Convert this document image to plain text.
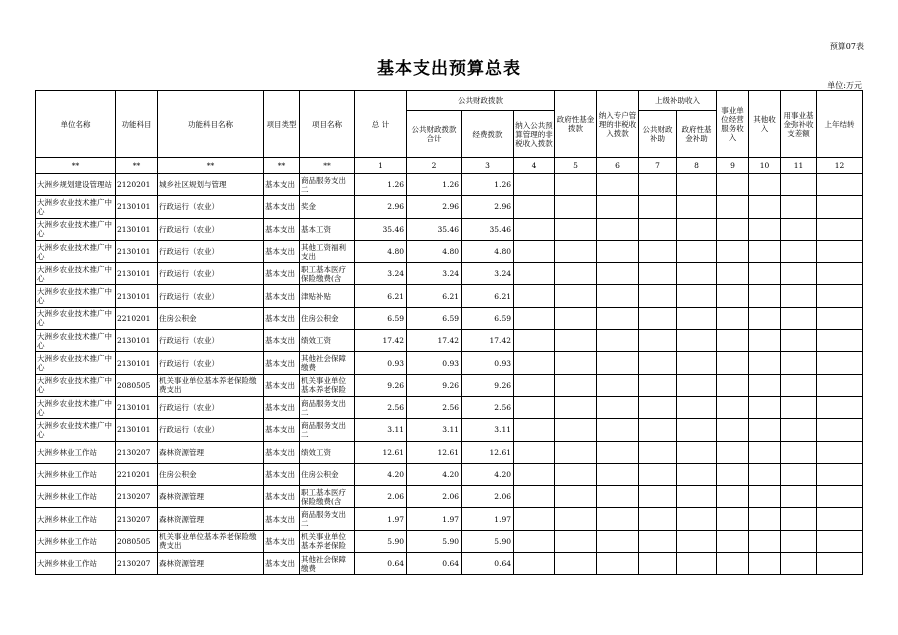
预算07表
基本支出预算总表
单位:万元
单位名称	功能科目	功能科目名称	项目类型	项目名称	总 计	公共财政拨款			政府性基金拨款	纳入专户管理的非税收入拨款	上级补助收入		事业单位经营服务收入	其他收入	用事业基金弥补收支差额	上年结转
						公共财政拨款合计	经费拨款	纳入公共预算管理的非税收入拨款			公共财政补助	政府性基金补助				
**	**	**	**	**	1	2	3	4	5	6	7	8	9	10	11	12
大洲乡规划建设管理站	2120201	城乡社区规划与管理	基本支出	商品服务支出二	1.26	1.26	1.26									
大洲乡农业技术推广中心	2130101	行政运行（农业）	基本支出	奖金	2.96	2.96	2.96									
大洲乡农业技术推广中心	2130101	行政运行（农业）	基本支出	基本工资	35.46	35.46	35.46									
大洲乡农业技术推广中心	2130101	行政运行（农业）	基本支出	其他工资福利支出	4.80	4.80	4.80									
大洲乡农业技术推广中心	2130101	行政运行（农业）	基本支出	职工基本医疗保险缴费(含	3.24	3.24	3.24									
大洲乡农业技术推广中心	2130101	行政运行（农业）	基本支出	津贴补贴	6.21	6.21	6.21									
大洲乡农业技术推广中心	2210201	住房公积金	基本支出	住房公积金	6.59	6.59	6.59									
大洲乡农业技术推广中心	2130101	行政运行（农业）	基本支出	绩效工资	17.42	17.42	17.42									
大洲乡农业技术推广中心	2130101	行政运行（农业）	基本支出	其他社会保障缴费	0.93	0.93	0.93									
大洲乡农业技术推广中心	2080505	机关事业单位基本养老保险缴费支出	基本支出	机关事业单位基本养老保险	9.26	9.26	9.26									
大洲乡农业技术推广中心	2130101	行政运行（农业）	基本支出	商品服务支出二	2.56	2.56	2.56									
大洲乡农业技术推广中心	2130101	行政运行（农业）	基本支出	商品服务支出二	3.11	3.11	3.11									
大洲乡林业工作站	2130207	森林资源管理	基本支出	绩效工资	12.61	12.61	12.61									
大洲乡林业工作站	2210201	住房公积金	基本支出	住房公积金	4.20	4.20	4.20									
大洲乡林业工作站	2130207	森林资源管理	基本支出	职工基本医疗保险缴费(含	2.06	2.06	2.06									
大洲乡林业工作站	2130207	森林资源管理	基本支出	商品服务支出二	1.97	1.97	1.97									
大洲乡林业工作站	2080505	机关事业单位基本养老保险缴费支出	基本支出	机关事业单位基本养老保险	5.90	5.90	5.90									
大洲乡林业工作站	2130207	森林资源管理	基本支出	其他社会保障缴费	0.64	0.64	0.64									
